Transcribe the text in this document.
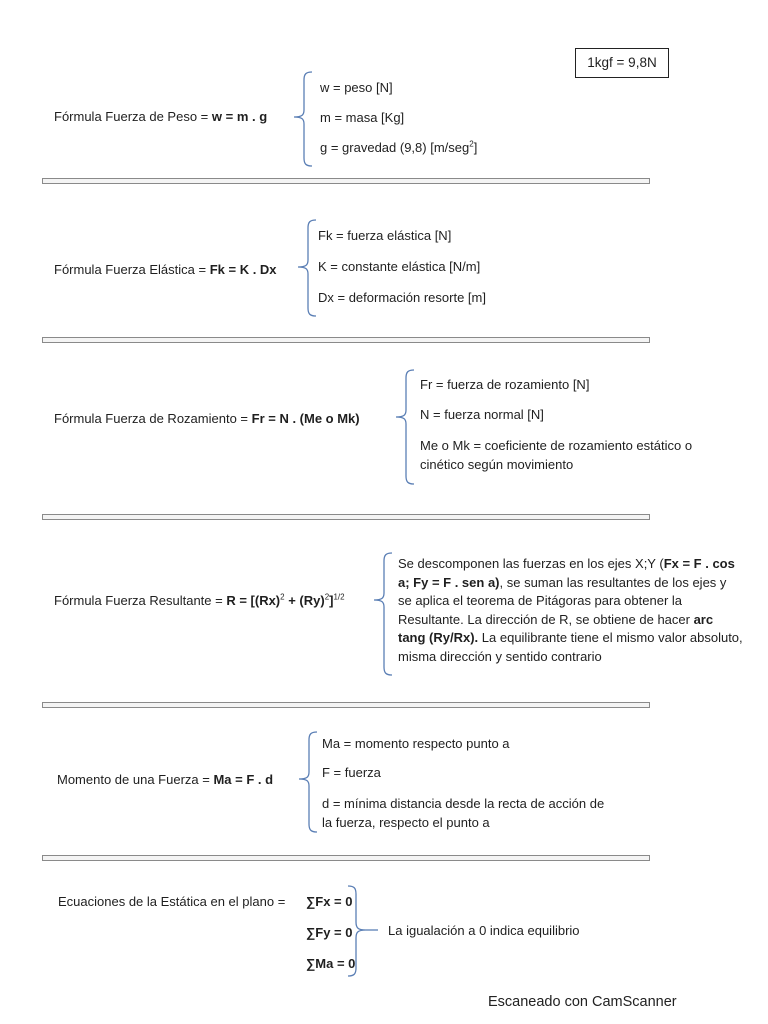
1kgf = 9,8N
Fórmula Fuerza de Peso = w = m . g
w = peso [N]
m = masa [Kg]
g = gravedad (9,8) [m/seg$^2$]
Fórmula Fuerza Elástica = Fk = K . Dx
Fk = fuerza elástica [N]
K = constante elástica [N/m]
Dx = deformación resorte [m]
Fórmula Fuerza de Rozamiento = Fr = N . (Me o Mk)
Fr = fuerza de rozamiento [N]
N = fuerza normal [N]
Me o Mk = coeficiente de rozamiento estático o
cinético según movimiento
Fórmula Fuerza Resultante = $R = [(Rx)^2 + (Ry)^2]^{1/2}$
Se descomponen las fuerzas en los ejes X;Y (Fx = F . cos a; Fy = F . sen a), se suman las resultantes de los ejes y se aplica el teorema de Pitágoras para obtener la Resultante. La dirección de R, se obtiene de hacer arc tang (Ry/Rx). La equilibrante tiene el mismo valor absoluto, misma dirección y sentido contrario
Momento de una Fuerza = Ma = F . d
Ma = momento respecto punto a
F = fuerza
d = mínima distancia desde la recta de acción de
la fuerza, respecto el punto a
Ecuaciones de la Estática en el plano = ∑Fx = 0
∑Fy = 0
∑Ma = 0
La igualación a 0 indica equilibrio
Escaneado con CamScanner
